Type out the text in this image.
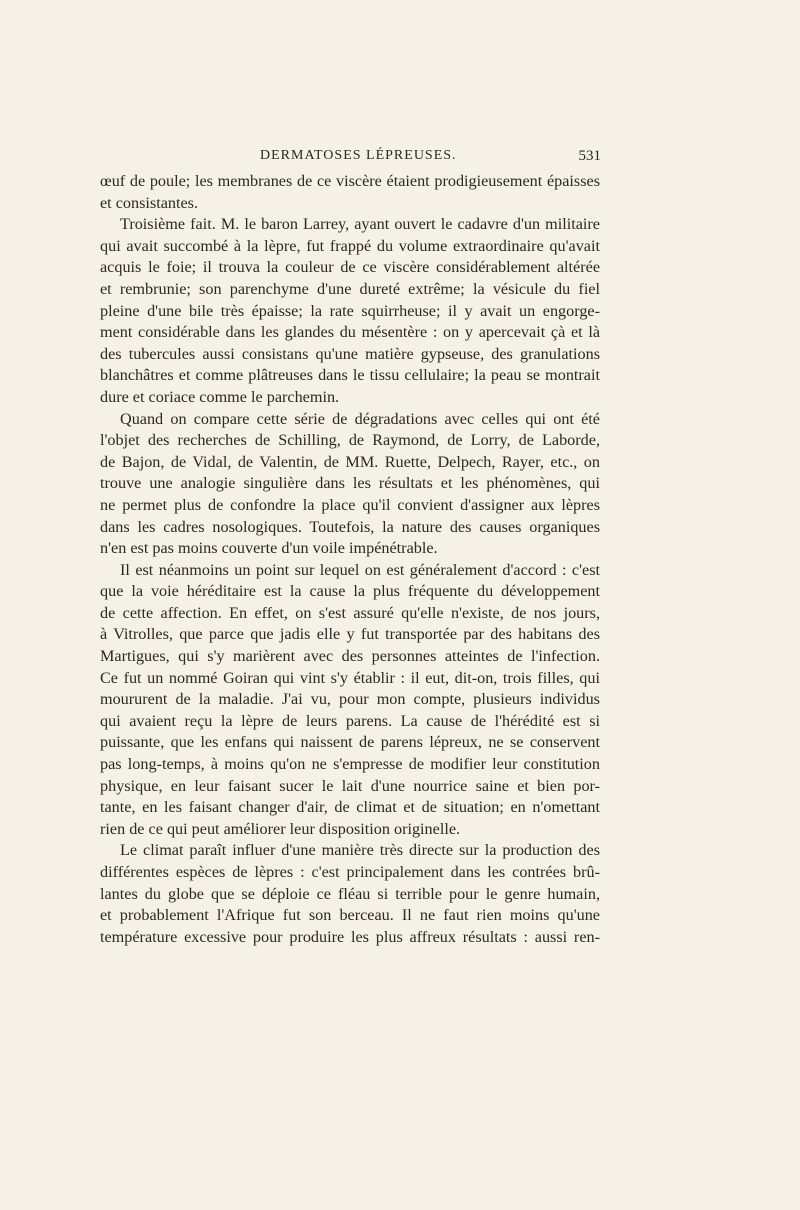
DERMATOSES LÉPREUSES.	531
œuf de poule; les membranes de ce viscère étaient prodigieusement épaisses
et consistantes.
Troisième fait. M. le baron Larrey, ayant ouvert le cadavre d'un militaire
qui avait succombé à la lèpre, fut frappé du volume extraordinaire qu'avait
acquis le foie; il trouva la couleur de ce viscère considérablement altérée
et rembrunie; son parenchyme d'une dureté extrême; la vésicule du fiel
pleine d'une bile très épaisse; la rate squirrheuse; il y avait un engorge-
ment considérable dans les glandes du mésentère : on y apercevait çà et là
des tubercules aussi consistans qu'une matière gypseuse, des granulations
blanchâtres et comme plâtreuses dans le tissu cellulaire; la peau se montrait
dure et coriace comme le parchemin.
Quand on compare cette série de dégradations avec celles qui ont été
l'objet des recherches de Schilling, de Raymond, de Lorry, de Laborde,
de Bajon, de Vidal, de Valentin, de MM. Ruette, Delpech, Rayer, etc., on
trouve une analogie singulière dans les résultats et les phénomènes, qui
ne permet plus de confondre la place qu'il convient d'assigner aux lèpres
dans les cadres nosologiques. Toutefois, la nature des causes organiques
n'en est pas moins couverte d'un voile impénétrable.
Il est néanmoins un point sur lequel on est généralement d'accord : c'est
que la voie héréditaire est la cause la plus fréquente du développement
de cette affection. En effet, on s'est assuré qu'elle n'existe, de nos jours,
à Vitrolles, que parce que jadis elle y fut transportée par des habitans des
Martigues, qui s'y marièrent avec des personnes atteintes de l'infection.
Ce fut un nommé Goiran qui vint s'y établir : il eut, dit-on, trois filles, qui
moururent de la maladie. J'ai vu, pour mon compte, plusieurs individus
qui avaient reçu la lèpre de leurs parens. La cause de l'hérédité est si
puissante, que les enfans qui naissent de parens lépreux, ne se conservent
pas long-temps, à moins qu'on ne s'empresse de modifier leur constitution
physique, en leur faisant sucer le lait d'une nourrice saine et bien por-
tante, en les faisant changer d'air, de climat et de situation; en n'omettant
rien de ce qui peut améliorer leur disposition originelle.
Le climat paraît influer d'une manière très directe sur la production des
différentes espèces de lèpres : c'est principalement dans les contrées brû-
lantes du globe que se déploie ce fléau si terrible pour le genre humain,
et probablement l'Afrique fut son berceau. Il ne faut rien moins qu'une
température excessive pour produire les plus affreux résultats : aussi ren-
